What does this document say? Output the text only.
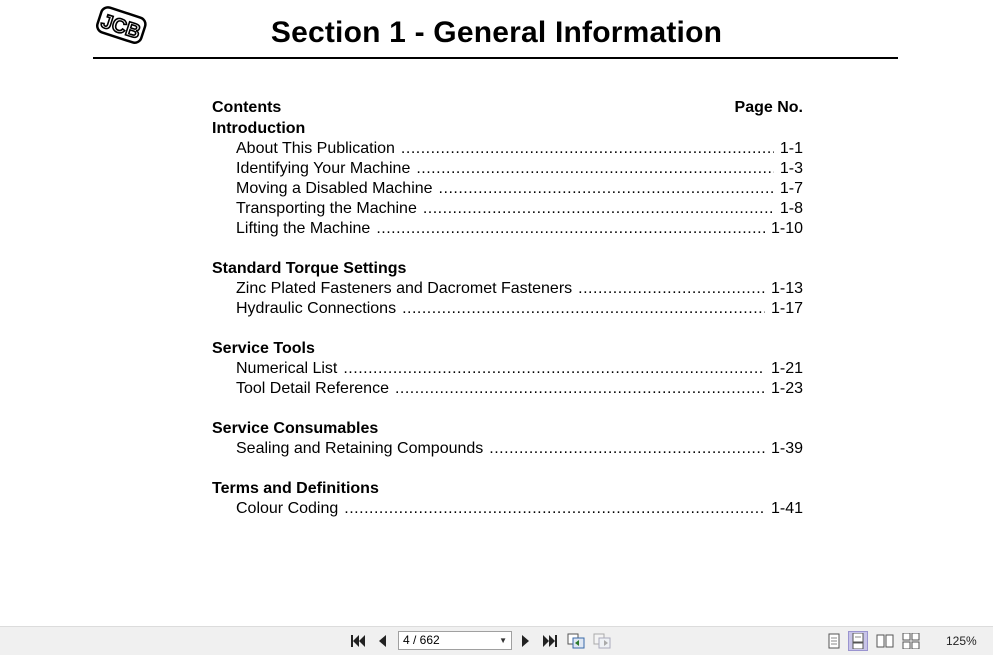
JCB	Section 1 - General Information
Contents	Page No.
Introduction
About This Publication .....	1-1
Identifying Your Machine .....	1-3
Moving a Disabled Machine .....	1-7
Transporting the Machine .....	1-8
Lifting the Machine .....	1-10
Standard Torque Settings
Zinc Plated Fasteners and Dacromet Fasteners .....	1-13
Hydraulic Connections .....	1-17
Service Tools
Numerical List .....	1-21
Tool Detail Reference .....	1-23
Service Consumables
Sealing and Retaining Compounds .....	1-39
Terms and Definitions
Colour Coding .....	1-41
4 / 662	▼	125%
